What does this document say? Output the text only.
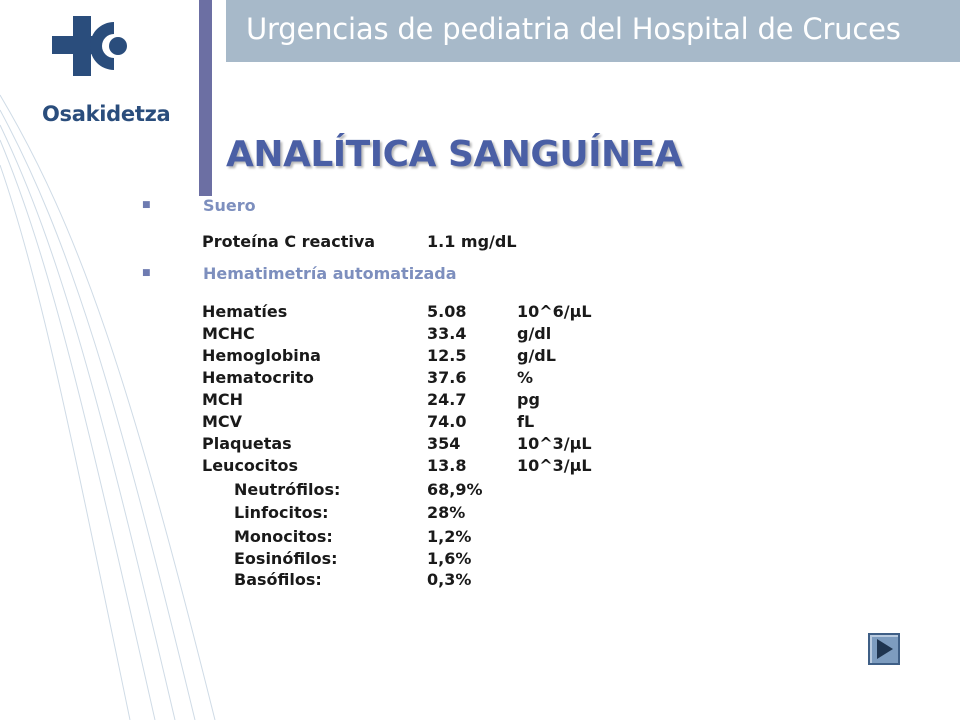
Osakidetza
Urgencias de pediatria del Hospital de Cruces
ANALÍTICA SANGUÍNEA
■	Suero
Proteína C reactiva	1.1 mg/dL
■	Hematimetría automatizada
Hematíes	5.08	10^6/µL
MCHC	33.4	g/dl
Hemoglobina	12.5	g/dL
Hematocrito	37.6	%
MCH	24.7	pg
MCV	74.0	fL
Plaquetas	354	10^3/µL
Leucocitos	13.8	10^3/µL
Neutrófilos:	68,9%
Linfocitos:	28%
Monocitos:	1,2%
Eosinófilos:	1,6%
Basófilos:	0,3%
